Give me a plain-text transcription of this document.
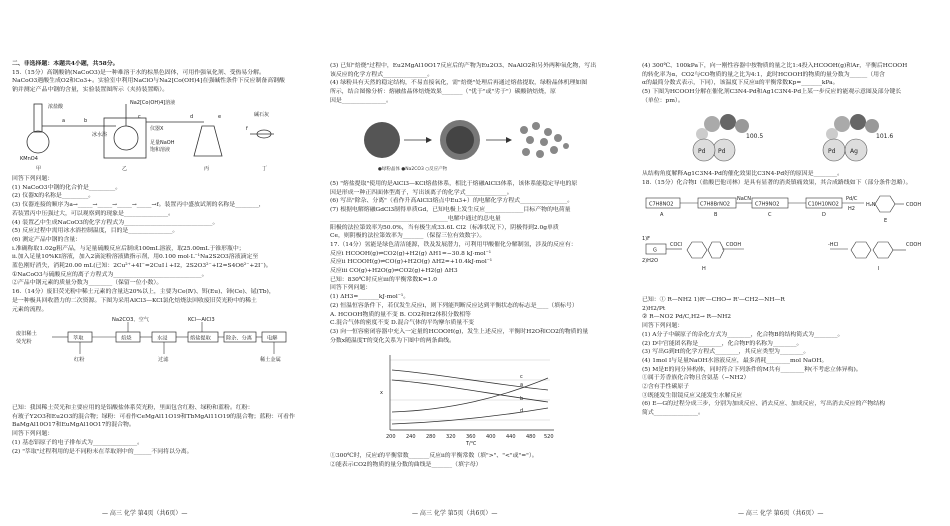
二、非选择题：本题共4小题，共58分。
15.（15分）高钢酸钠(NaCoO3)是一种难溶于水的棕黑色固体，可用作强氧化剂、受热易分解。
NaCoO3遇酸生成O2和Co3+。实验室中利用NaClO与Na2[Co(OH)4]在强碱性条件下反应制备高钢酸
钠并测定产品中钢的含量，实验装置图所示（夹持装置略）。
浓盐酸
KMnO4
Na2[Co(OH)4]溶液
仪器X
冰水浴
足量NaOH
饱和溶液
碱石灰
a	b
c	d	e
f
甲	乙	丙	丁
回答下列问题：
(1) NaCoO3中钢的化合价是_________。
(2) 仪器X的名称是_________。
(3) 仪器连接的顺序为a→_____→_____→_____→_____→f。装置丙中盛放试剂的名称是________，
若装置丙中压强过大，可以观察到的现象是_______________。
(4) 装置乙中生成NaCoO3的化学方程式为______________________________。
(5) 反应过程中需用冰水浴控制温度，目的是_______________。
(6) 测定产品中钢的含量：
ⅰ.准确称取1.02g粗产品，与足量硫酸反应后制成100mL溶液，取25.00mL于锥形瓶中；
ⅱ.加入足量10%KI溶液，加入2滴淀粉溶液做指示剂，用0.100 mol·L⁻¹Na2S2O3溶液滴定至
蓝色刚好消失，消耗20.00 mL(已知：2Cu²⁺+4I⁻=2CuI↓+I2，2S2O3²⁻+I2=S4O6²⁻+2I⁻)。
①NaCoO3与硫酸反应的离子方程式为______________________________。
②产品中钢元素的质量分数为________（保留一位小数）。
16.（14分）废旧荧光粉中稀土元素的含量达20%以上，主要为Ce(Ⅳ)、铒(Eu)、铈(Ce)、铽(Tb)，
是一种极具回收潜力的二次资源。下图为采用AlCl3—KCl氯化焙烧法回收废旧荧光粉中的稀土
元素的流程。
废旧稀土
荧光粉
萃取	焙烧	水浸	熔盐提取	除杂、分离	电解
Na2CO3、空气	KCl—AlCl3
红粉	过滤	稀土金属
已知：我国稀土荧光和主要应用的是铝酸盐体系荧光粉，里面包含红粉、绿粉和蓝粉。红粉：
有玻子Y2O3和Eu2O3的混合物；绿粉：可看作CeMgAl11O19和TbMgAl11O19的混合物；蓝粉：可看作
BaMgAl10O17和EuMgAl10O17的混合物。
回答下列问题：
(1) 基态铝原子的电子排布式为_______________。
(2) "萃取"过程利用的是不同粉末在萃取剂中的______不同将以分离。
— 高三 化学 第4页（共6页）—
(3) 已知"焙烧"过程中，Eu2MgAl10O17反应后的产物为Eu2O3、NaAlO2和另外两种氧化物，写出
该反应的化学方程式_______________。
(4) 绿粉具有天然的稳定结构，不易直接氧化，需"焙烧"处理后再通过熔盐提取，绿粉晶体机理如图
所示，结合图像分析：熔融盐晶体焙烧效果_______（"优于"或"劣于"）碳酸钠焙烧，原
因是_______________。
●绿粉晶体 ●Na2CO3 ○反应产物
(5) "熔盐提取"使用的是AlCl3—KCl熔盐体系，相比于熔融AlCl3体系，该体系能稳定导电的原
因是形成一种正四面体型离子，写出该离子的化学式______________。
(6) 写出"除杂、分离"（看作升高AlCl3熔点中Eu3+）的电解化学方程式________________。
(7) 根据电解熔融GdCl3制得单质Gd，已知电极上发生反应_____________目标产物的电荷量
________________________________________电解中通过的总电量
阳极的法拉第效率为50.0%，当有极生成33.6L Cl2（标准状况下），阴极得到2.0g单质
Ce，则阴极的法拉第效率为_______（保留三位有效数字）。
17.（14分）氢能是绿色清洁能源，铁及发展潜力，可利用甲酸催化分解制氢，涉及的反应有：
反应ⅰ HCOOH(g)⇌CO2(g)+H2(g) ΔH1=−30.8 kJ·mol⁻¹
反应ⅱ HCOOH(g)⇌CO(g)+H2O(g) ΔH2=+10.4kJ·mol⁻¹
反应ⅲ CO(g)+H2O(g)⇌CO2(g)+H2(g) ΔH3
已知：830℃时反应ⅲ的平衡常数K=1.0
回答下列问题：
(1) ΔH3=_______kJ·mol⁻¹。
(2) 恒温恒容条件下，若仅发生反应ⅰ，则下列能判断反应达到平衡状态的标志是____（填标号）
A. HCOOH物质的量不变 B. CO2和H2体积分数相等
C.混合气体的密度不变 D.混合气体的平均摩尔质量不变
(3) 向一恒容密闭容器中充入一定量的HCOOH(g)，发生上述反应，平衡时H2O和CO2的物质的量
分数x随温度T的变化关系为下图中的两条曲线。
x
T/℃
200 240 280 320 360 400 440 480 520
a
b
c
d
①300℃时，反应ⅰ的平衡常数_______反应ⅱ的平衡常数（填">"、"<"或"="）。
②能表示CO2的物质的量分数的曲线是_______（填字母）
— 高三 化学 第5页（共6页）—
(4) 300℃、100kPa下，向一刚性容器中按物质的量之比1:4投入HCOOH(g)和Ar，平衡后HCOOH
的转化率为α，CO2与CO物质的量之比为4:1，此时HCOOH的物质的量分数为______（用含
α的最简分数式表示，下同），该温度下反应ⅱ的平衡常数Kp=_______kPa。
(5) 下图为HCOOH分解在催化剂C3N4-Pd和Ag1C3N4-Pd上某一步反应的能观示意图及部分键长
（单位：pm）。
100.5	101.6
Pd Pd	Pd Ag
从结构角度解释Ag1C3N4-Pd的催化效果比C3N4-Pd好的原因是________。
18.（15分）化合物I（盐酸巴他司林）是具有显著的消炎镇痛效果，其合成路线如下（部分条件忽略）。
C7H8NO2
A
C7H8BrNO2
B
NaCN
C7H9NO2
C
C10H10NO2
D
Pd/C
H2
H₂N	COOH
E
1)F
2)H2O
G
COCl	COOH	-HCl
H
COOH
I
已知：① R—NH2 1)R'—CHO→ R'—CH2—NH—R
2)H2/Pt
② R—NO2 Pd/C,H2→ R—NH2
回答下列问题：
(1) A分子中碳原子的杂化方式为________，化合物B的结构简式为________。
(2) D中官能团名称是________，化合物F的名称为________。
(3) 写出G到H的化学方程式________，其反应类型为________。
(4) 1mol I与足量NaOH水溶液反应，最多消耗________mol NaOH。
(5) M是E的同分异构体，同时符合下列条件的M共有________种(不考虑立体异构)。
①属于芳香族化合物且含氨基（−NH2）
②含有手性碳原子
③既能发生银镜反应又能发生水解反应
(6) E—G的过程分成三步，分别为加成反应、消去反应、加成反应，写出消去反应的产物结构
简式_______________。
— 高三 化学 第6页（共6页）—
